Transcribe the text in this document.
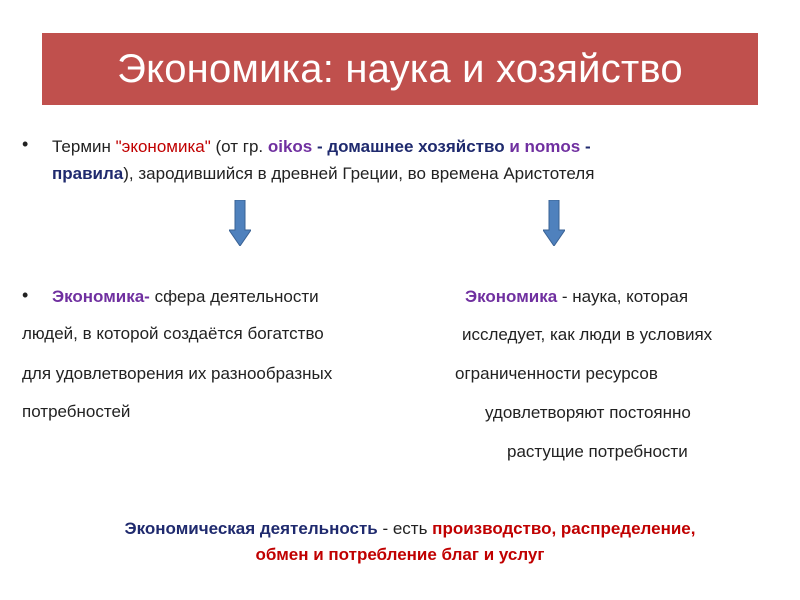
Экономика: наука и хозяйство
• Термин "экономика" (от гр. oikos - домашнее хозяйство и nomos -
правила), зародившийся в древней Греции, во времена Аристотеля
• Экономика- сфера деятельности
людей, в которой создаётся богатство
для удовлетворения их разнообразных
потребностей
Экономика - наука, которая
исследует, как люди в условиях
ограниченности ресурсов
удовлетворяют постоянно
растущие потребности
Экономическая деятельность - есть производство, распределение,
обмен и потребление благ и услуг
